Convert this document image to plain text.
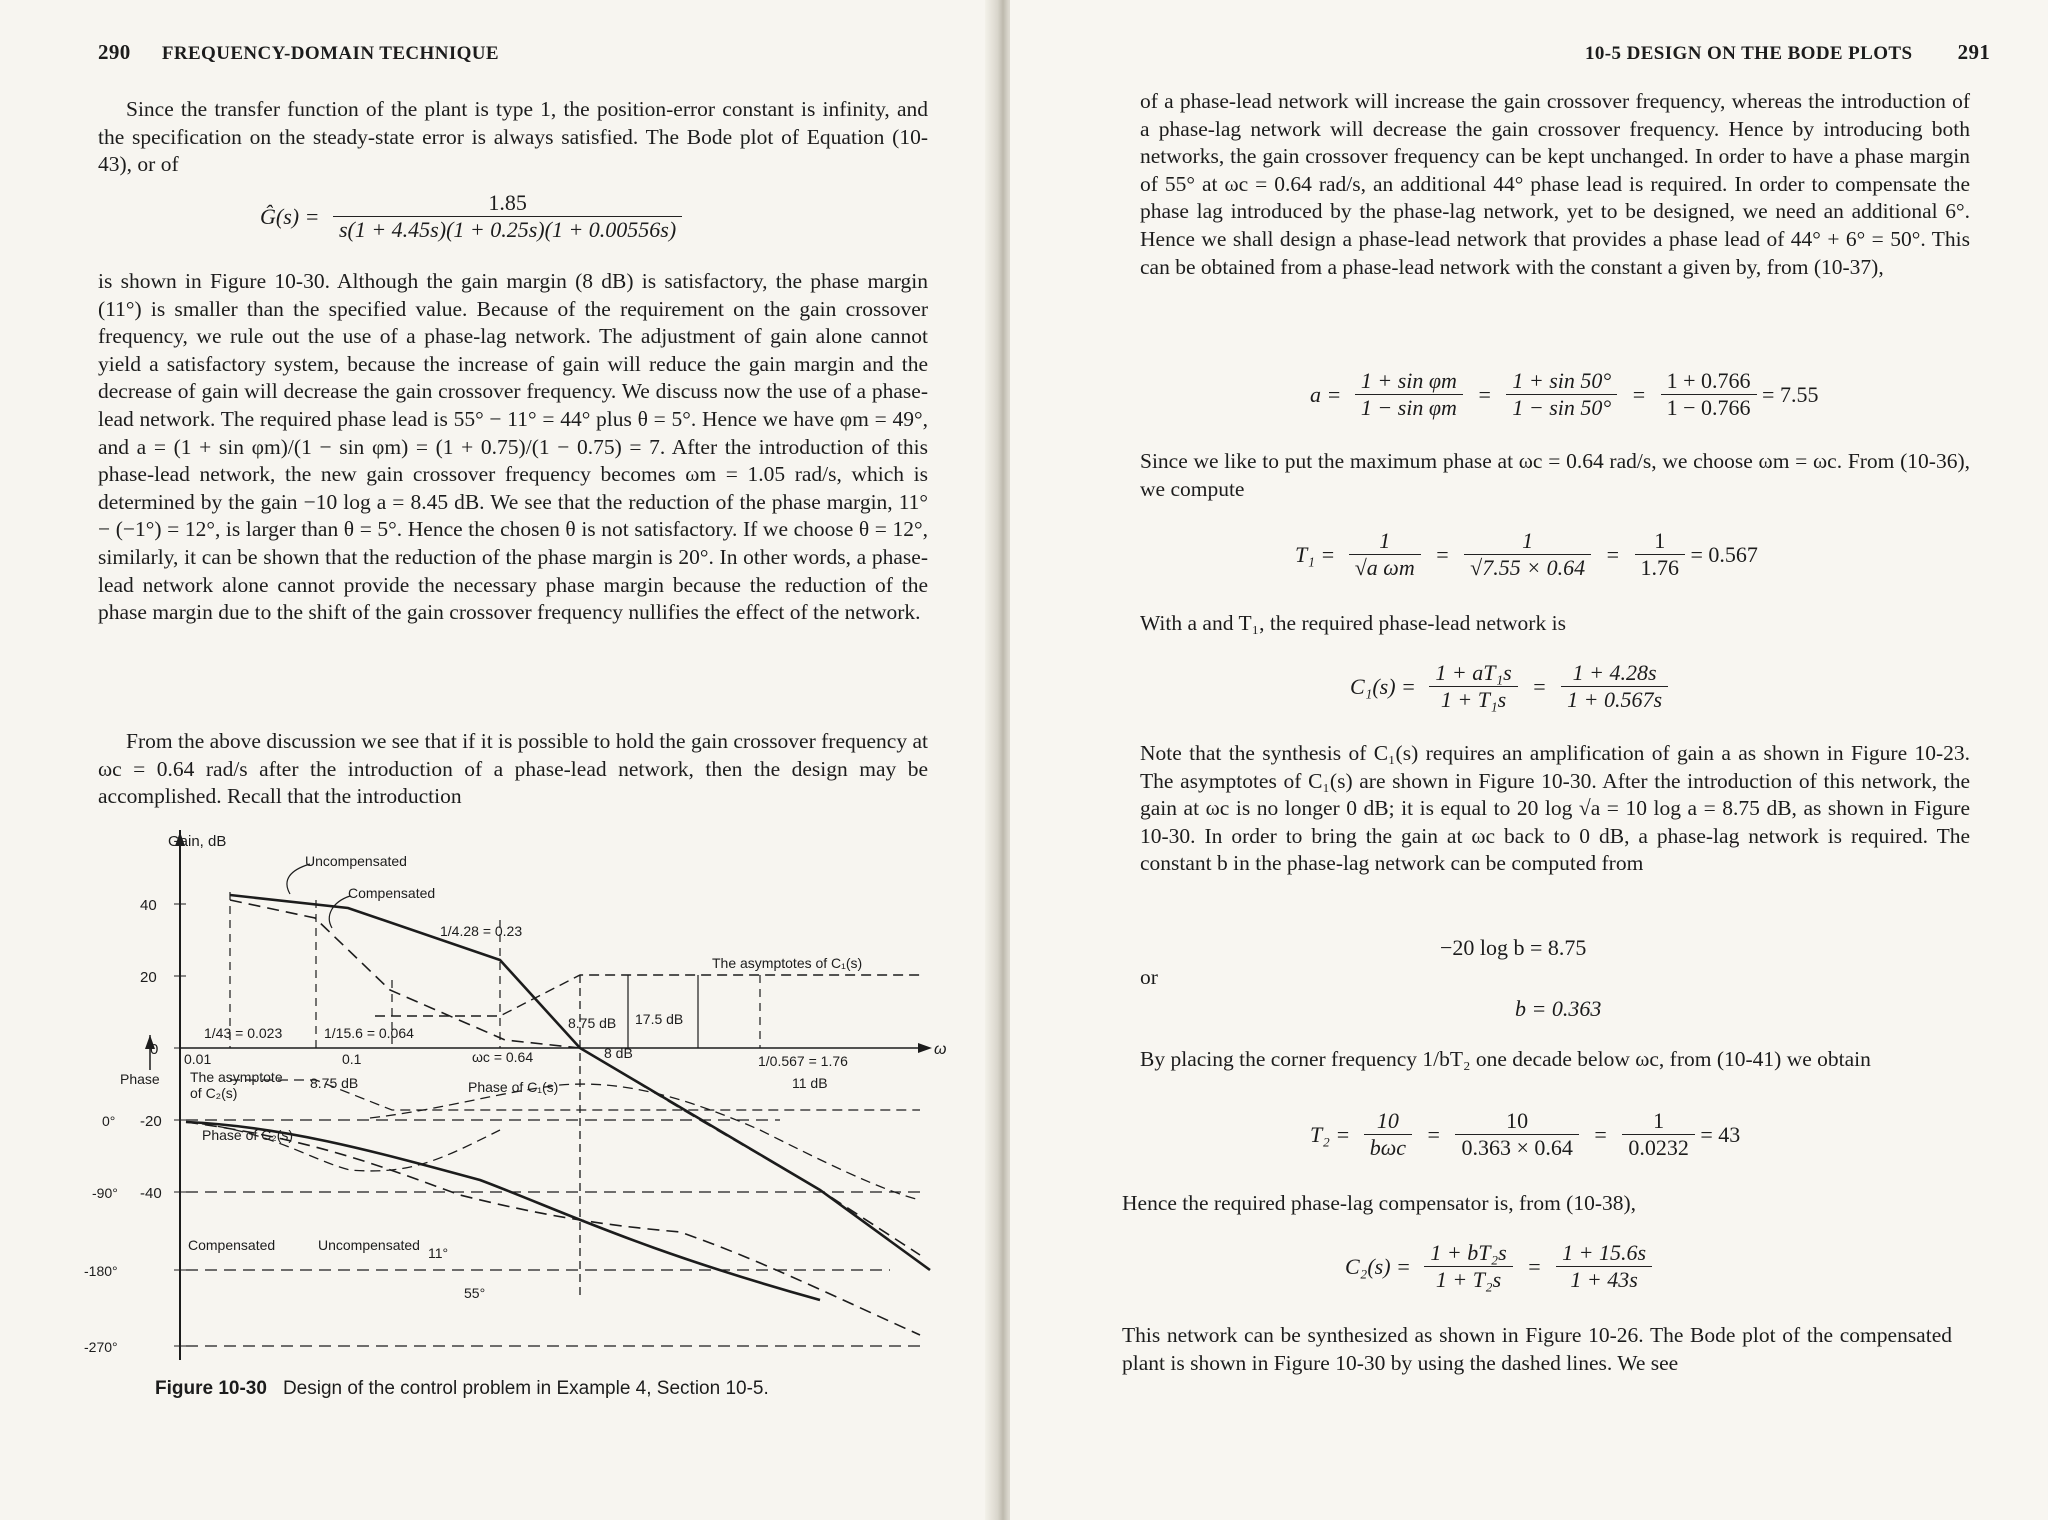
290 FREQUENCY-DOMAIN TECHNIQUE
Since the transfer function of the plant is type 1, the position-error constant is infinity, and the specification on the steady-state error is always satisfied. The Bode plot of Equation (10-43), or of
Ĝ(s) = $\frac{1.85}{s(1 + 4.45s)(1 + 0.25s)(1 + 0.00556s)}$
is shown in Figure 10-30. Although the gain margin (8 dB) is satisfactory, the phase margin (11°) is smaller than the specified value. Because of the requirement on the gain crossover frequency, we rule out the use of a phase-lag network. The adjustment of gain alone cannot yield a satisfactory system, because the increase of gain will reduce the gain margin and the decrease of gain will decrease the gain crossover frequency. We discuss now the use of a phase-lead network. The required phase lead is 55° − 11° = 44° plus θ = 5°. Hence we have φm = 49°, and a = (1 + sin φm)/(1 − sin φm) = (1 + 0.75)/(1 − 0.75) = 7. After the introduction of this phase-lead network, the new gain crossover frequency becomes ωm = 1.05 rad/s, which is determined by the gain −10 log a = 8.45 dB. We see that the reduction of the phase margin, 11° − (−1°) = 12°, is larger than θ = 5°. Hence the chosen θ is not satisfactory. If we choose θ = 12°, similarly, it can be shown that the reduction of the phase margin is 20°. In other words, a phase-lead network alone cannot provide the necessary phase margin because the reduction of the phase margin due to the shift of the gain crossover frequency nullifies the effect of the network.
From the above discussion we see that if it is possible to hold the gain crossover frequency at ωc = 0.64 rad/s after the introduction of a phase-lead network, then the design may be accomplished. Recall that the introduction
Gain, dB
Phase
ω
40
20
0
-20
-40
0°
-90°
-180°
-270°
Uncompensated
Compensated
1/4.28 = 0.23
The asymptotes of C₁(s)
1/43 = 0.023	1/15.6 = 0.064
8.75 dB 17.5 dB
0.01	0.1	ωc = 0.64	8 dB	1/0.567 = 1.76
11 dB
The asymptote
of C₂(s)
8.75 dB	Phase of C₁(s)
Phase of C₂(s)
Compensated	Uncompensated 11°
55°
Figure 10-30 Design of the control problem in Example 4, Section 10-5.
10-5 DESIGN ON THE BODE PLOTS 291
of a phase-lead network will increase the gain crossover frequency, whereas the introduction of a phase-lag network will decrease the gain crossover frequency. Hence by introducing both networks, the gain crossover frequency can be kept unchanged. In order to have a phase margin of 55° at ωc = 0.64 rad/s, an additional 44° phase lead is required. In order to compensate the phase lag introduced by the phase-lag network, yet to be designed, we need an additional 6°. Hence we shall design a phase-lead network that provides a phase lead of 44° + 6° = 50°. This can be obtained from a phase-lead network with the constant a given by, from (10-37),
$a = \frac{\text{1 + sin φm}}{\text{1 − sin φm}} = \frac{1 + \sin 50^\circ}{1 - \sin 50^\circ} = \frac{1 + 0.766}{1 - 0.766} = 7.55$
Since we like to put the maximum phase at ωc = 0.64 rad/s, we choose ωm = ωc. From (10-36), we compute
$T_1 = \frac{1}{\text{√a ωm}} = \frac{1}{√7.55 \times 0.64} = \frac{1}{1.76} = 0.567$
With a and T₁, the required phase-lead network is
$C_1(s) = \frac{\text{1 + aT₁s}}{\text{1 + T₁s}} = \frac{1 + 4.28s}{1 + 0.567s}$
Note that the synthesis of C₁(s) requires an amplification of gain a as shown in Figure 10-23. The asymptotes of C₁(s) are shown in Figure 10-30. After the introduction of this network, the gain at ωc is no longer 0 dB; it is equal to 20 log √a = 10 log a = 8.75 dB, as shown in Figure 10-30. In order to bring the gain at ωc back to 0 dB, a phase-lag network is required. The constant b in the phase-lag network can be computed from
−20 log b = 8.75
or
b = 0.363
By placing the corner frequency 1/bT₂ one decade below ωc, from (10-41) we obtain
$T_2 = \frac{10}{\text{bωc}} = \frac{10}{0.363 \times 0.64} = \frac{1}{0.0232} = 43$
Hence the required phase-lag compensator is, from (10-38),
$C_2(s) = \frac{\text{1 + bT₂s}}{\text{1 + T₂s}} = \frac{1 + 15.6s}{1 + 43s}$
This network can be synthesized as shown in Figure 10-26. The Bode plot of the compensated plant is shown in Figure 10-30 by using the dashed lines. We see
